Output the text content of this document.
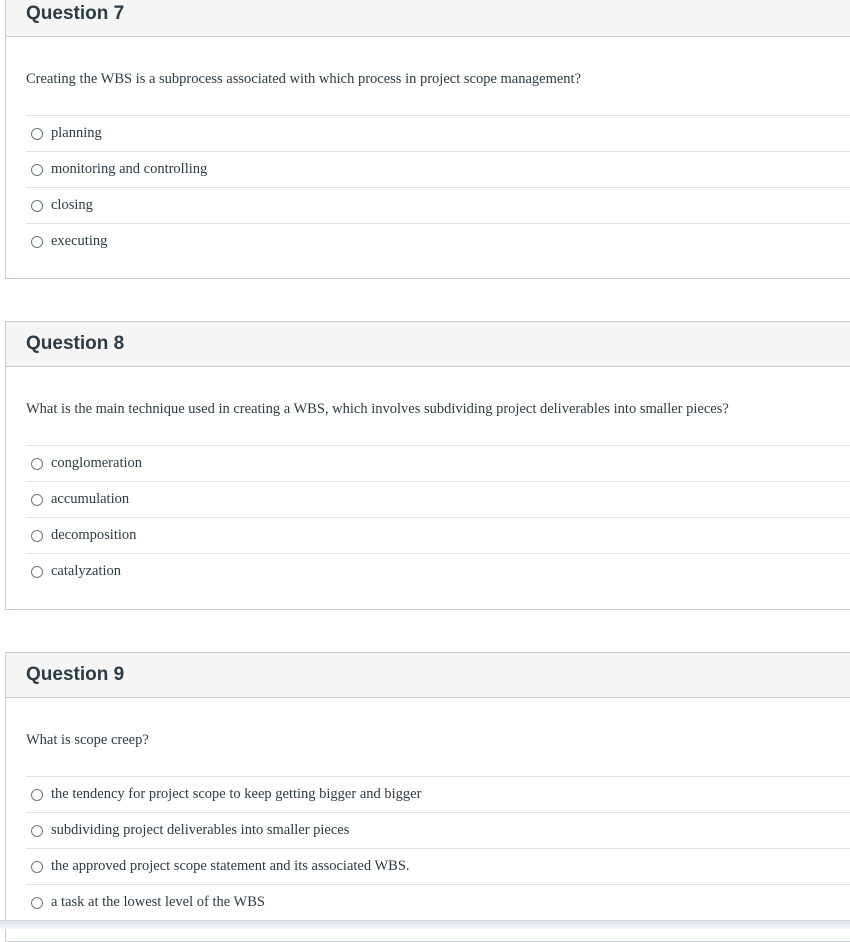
Question 7
Creating the WBS is a subprocess associated with which process in project scope management?
planning
monitoring and controlling
closing
executing
Question 8
What is the main technique used in creating a WBS, which involves subdividing project deliverables into smaller pieces?
conglomeration
accumulation
decomposition
catalyzation
Question 9
What is scope creep?
the tendency for project scope to keep getting bigger and bigger
subdividing project deliverables into smaller pieces
the approved project scope statement and its associated WBS.
a task at the lowest level of the WBS
